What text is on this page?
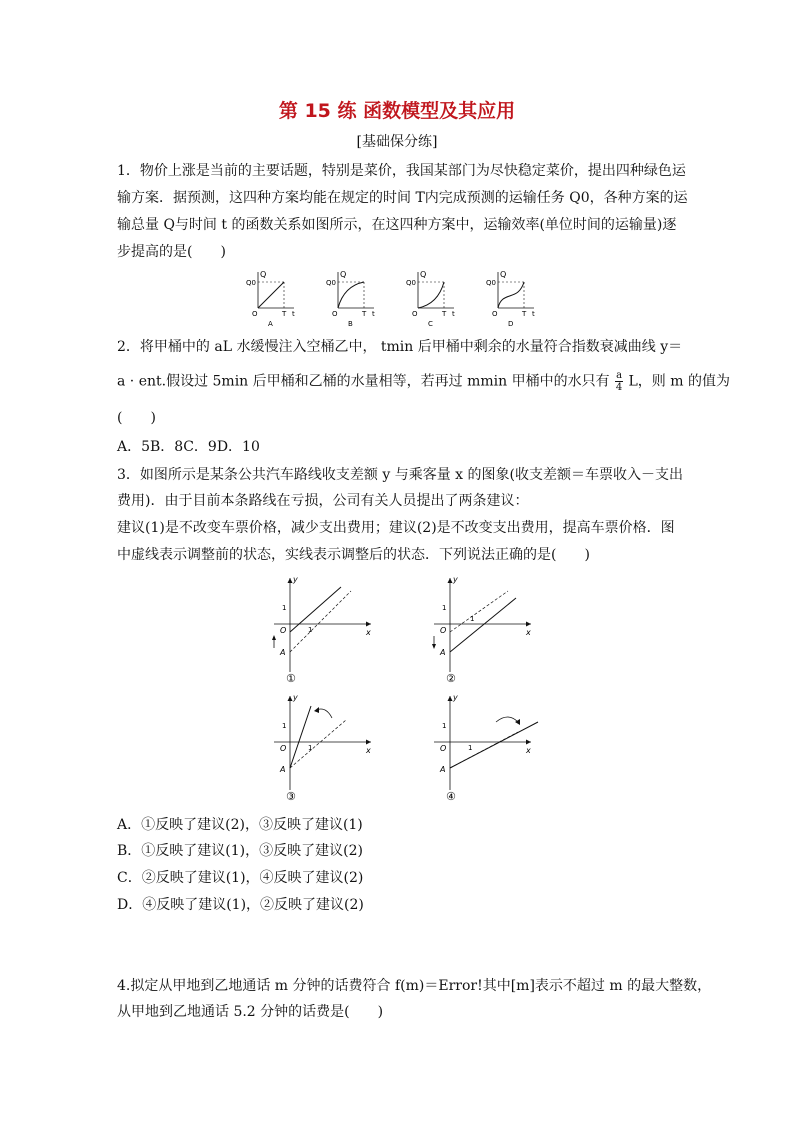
第 15 练 函数模型及其应用
[基础保分练]
1．物价上涨是当前的主要话题，特别是菜价，我国某部门为尽快稳定菜价，提出四种绿色运
输方案．据预测，这四种方案均能在规定的时间 T内完成预测的运输任务 Q0，各种方案的运
输总量 Q与时间 t 的函数关系如图所示，在这四种方案中，运输效率(单位时间的运输量)逐
步提高的是(　　)
Q
Q0
O	T t
A
Q
Q0
O	T t
B
Q
Q0
O	T t
C
Q
Q0
O	T t
D
2．将甲桶中的 aL 水缓慢注入空桶乙中， tmin 后甲桶中剩余的水量符合指数衰减曲线 y＝
a · ent.假设过 5min 后甲桶和乙桶的水量相等，若再过 mmin 甲桶中的水只有 $\frac{a}{4}$ L，则 m 的值为
(　　)
A．5B．8C．9D．10
3．如图所示是某条公共汽车路线收支差额 y 与乘客量 x 的图象(收支差额＝车票收入－支出
费用)．由于目前本条路线在亏损，公司有关人员提出了两条建议：
建议(1)是不改变车票价格，减少支出费用；建议(2)是不改变支出费用，提高车票价格．图
中虚线表示调整前的状态，实线表示调整后的状态．下列说法正确的是(　　)
y
x
O
A
1
1
①
y
x
O
A
1
1
②
y
x
O
A
1
1
③
y
x
O
A
1
1
④
A．①反映了建议(2)，③反映了建议(1)
B．①反映了建议(1)，③反映了建议(2)
C．②反映了建议(1)，④反映了建议(2)
D．④反映了建议(1)，②反映了建议(2)
4.拟定从甲地到乙地通话 m 分钟的话费符合 f(m)＝Error!其中[m]表示不超过 m 的最大整数，
从甲地到乙地通话 5.2 分钟的话费是(　　)
